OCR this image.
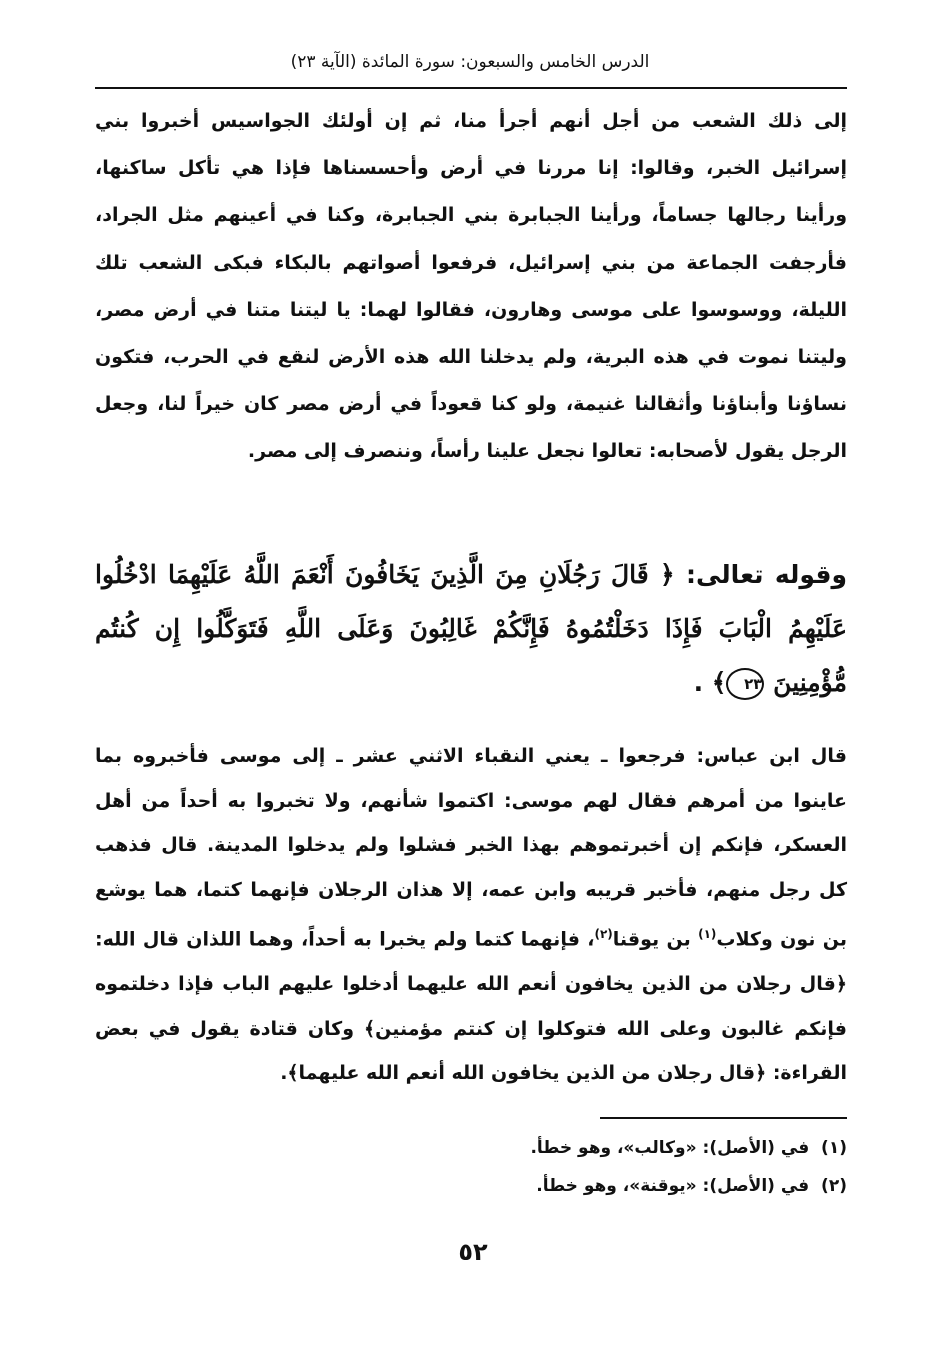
الدرس الخامس والسبعون: سورة المائدة (الآية ٢٣)

إلى ذلك الشعب من أجل أنهم أجرأ منا، ثم إن أولئك الجواسيس أخبروا بني إسرائيل الخبر، وقالوا: إنا مررنا في أرض وأحسسناها فإذا هي تأكل ساكنها، ورأينا رجالها جساماً، ورأينا الجبابرة بني الجبابرة، وكنا في أعينهم مثل الجراد، فأرجفت الجماعة من بني إسرائيل، فرفعوا أصواتهم بالبكاء فبكى الشعب تلك الليلة، ووسوسوا على موسى وهارون، فقالوا لهما: يا ليتنا متنا في أرض مصر، وليتنا نموت في هذه البرية، ولم يدخلنا الله هذه الأرض لنقع في الحرب، فتكون نساؤنا وأبناؤنا وأثقالنا غنيمة، ولو كنا قعوداً في أرض مصر كان خيراً لنا، وجعل الرجل يقول لأصحابه: تعالوا نجعل علينا رأساً، وننصرف إلى مصر.

وقوله تعالى: ﴿ قَالَ رَجُلَانِ مِنَ الَّذِينَ يَخَافُونَ أَنْعَمَ اللَّهُ عَلَيْهِمَا ادْخُلُوا عَلَيْهِمُ الْبَابَ فَإِذَا دَخَلْتُمُوهُ فَإِنَّكُمْ غَالِبُونَ وَعَلَى اللَّهِ فَتَوَكَّلُوا إِن كُنتُم مُّؤْمِنِينَ ٢٣﴾ .

قال ابن عباس: فرجعوا ـ يعني النقباء الاثني عشر ـ إلى موسى فأخبروه بما عاينوا من أمرهم فقال لهم موسى: اكتموا شأنهم، ولا تخبروا به أحداً من أهل العسكر، فإنكم إن أخبرتموهم بهذا الخبر فشلوا ولم يدخلوا المدينة. قال فذهب كل رجل منهم، فأخبر قريبه وابن عمه، إلا هذان الرجلان فإنهما كتما، هما يوشع بن نون وكلاب$^{(١)}$ بن يوقنا$^{(٢)}$، فإنهما كتما ولم يخبرا به أحداً، وهما اللذان قال الله: ﴿قال رجلان من الذين يخافون أنعم الله عليهما أدخلوا عليهم الباب فإذا دخلتموه فإنكم غالبون وعلى الله فتوكلوا إن كنتم مؤمنين﴾ وكان قتادة يقول في بعض القراءة: ﴿قال رجلان من الذين يخافون الله أنعم الله عليهما﴾.

(١)  في (الأصل): «وكالب»، وهو خطأ.
(٢)  في (الأصل): «يوقنة»، وهو خطأ.
٥٢
